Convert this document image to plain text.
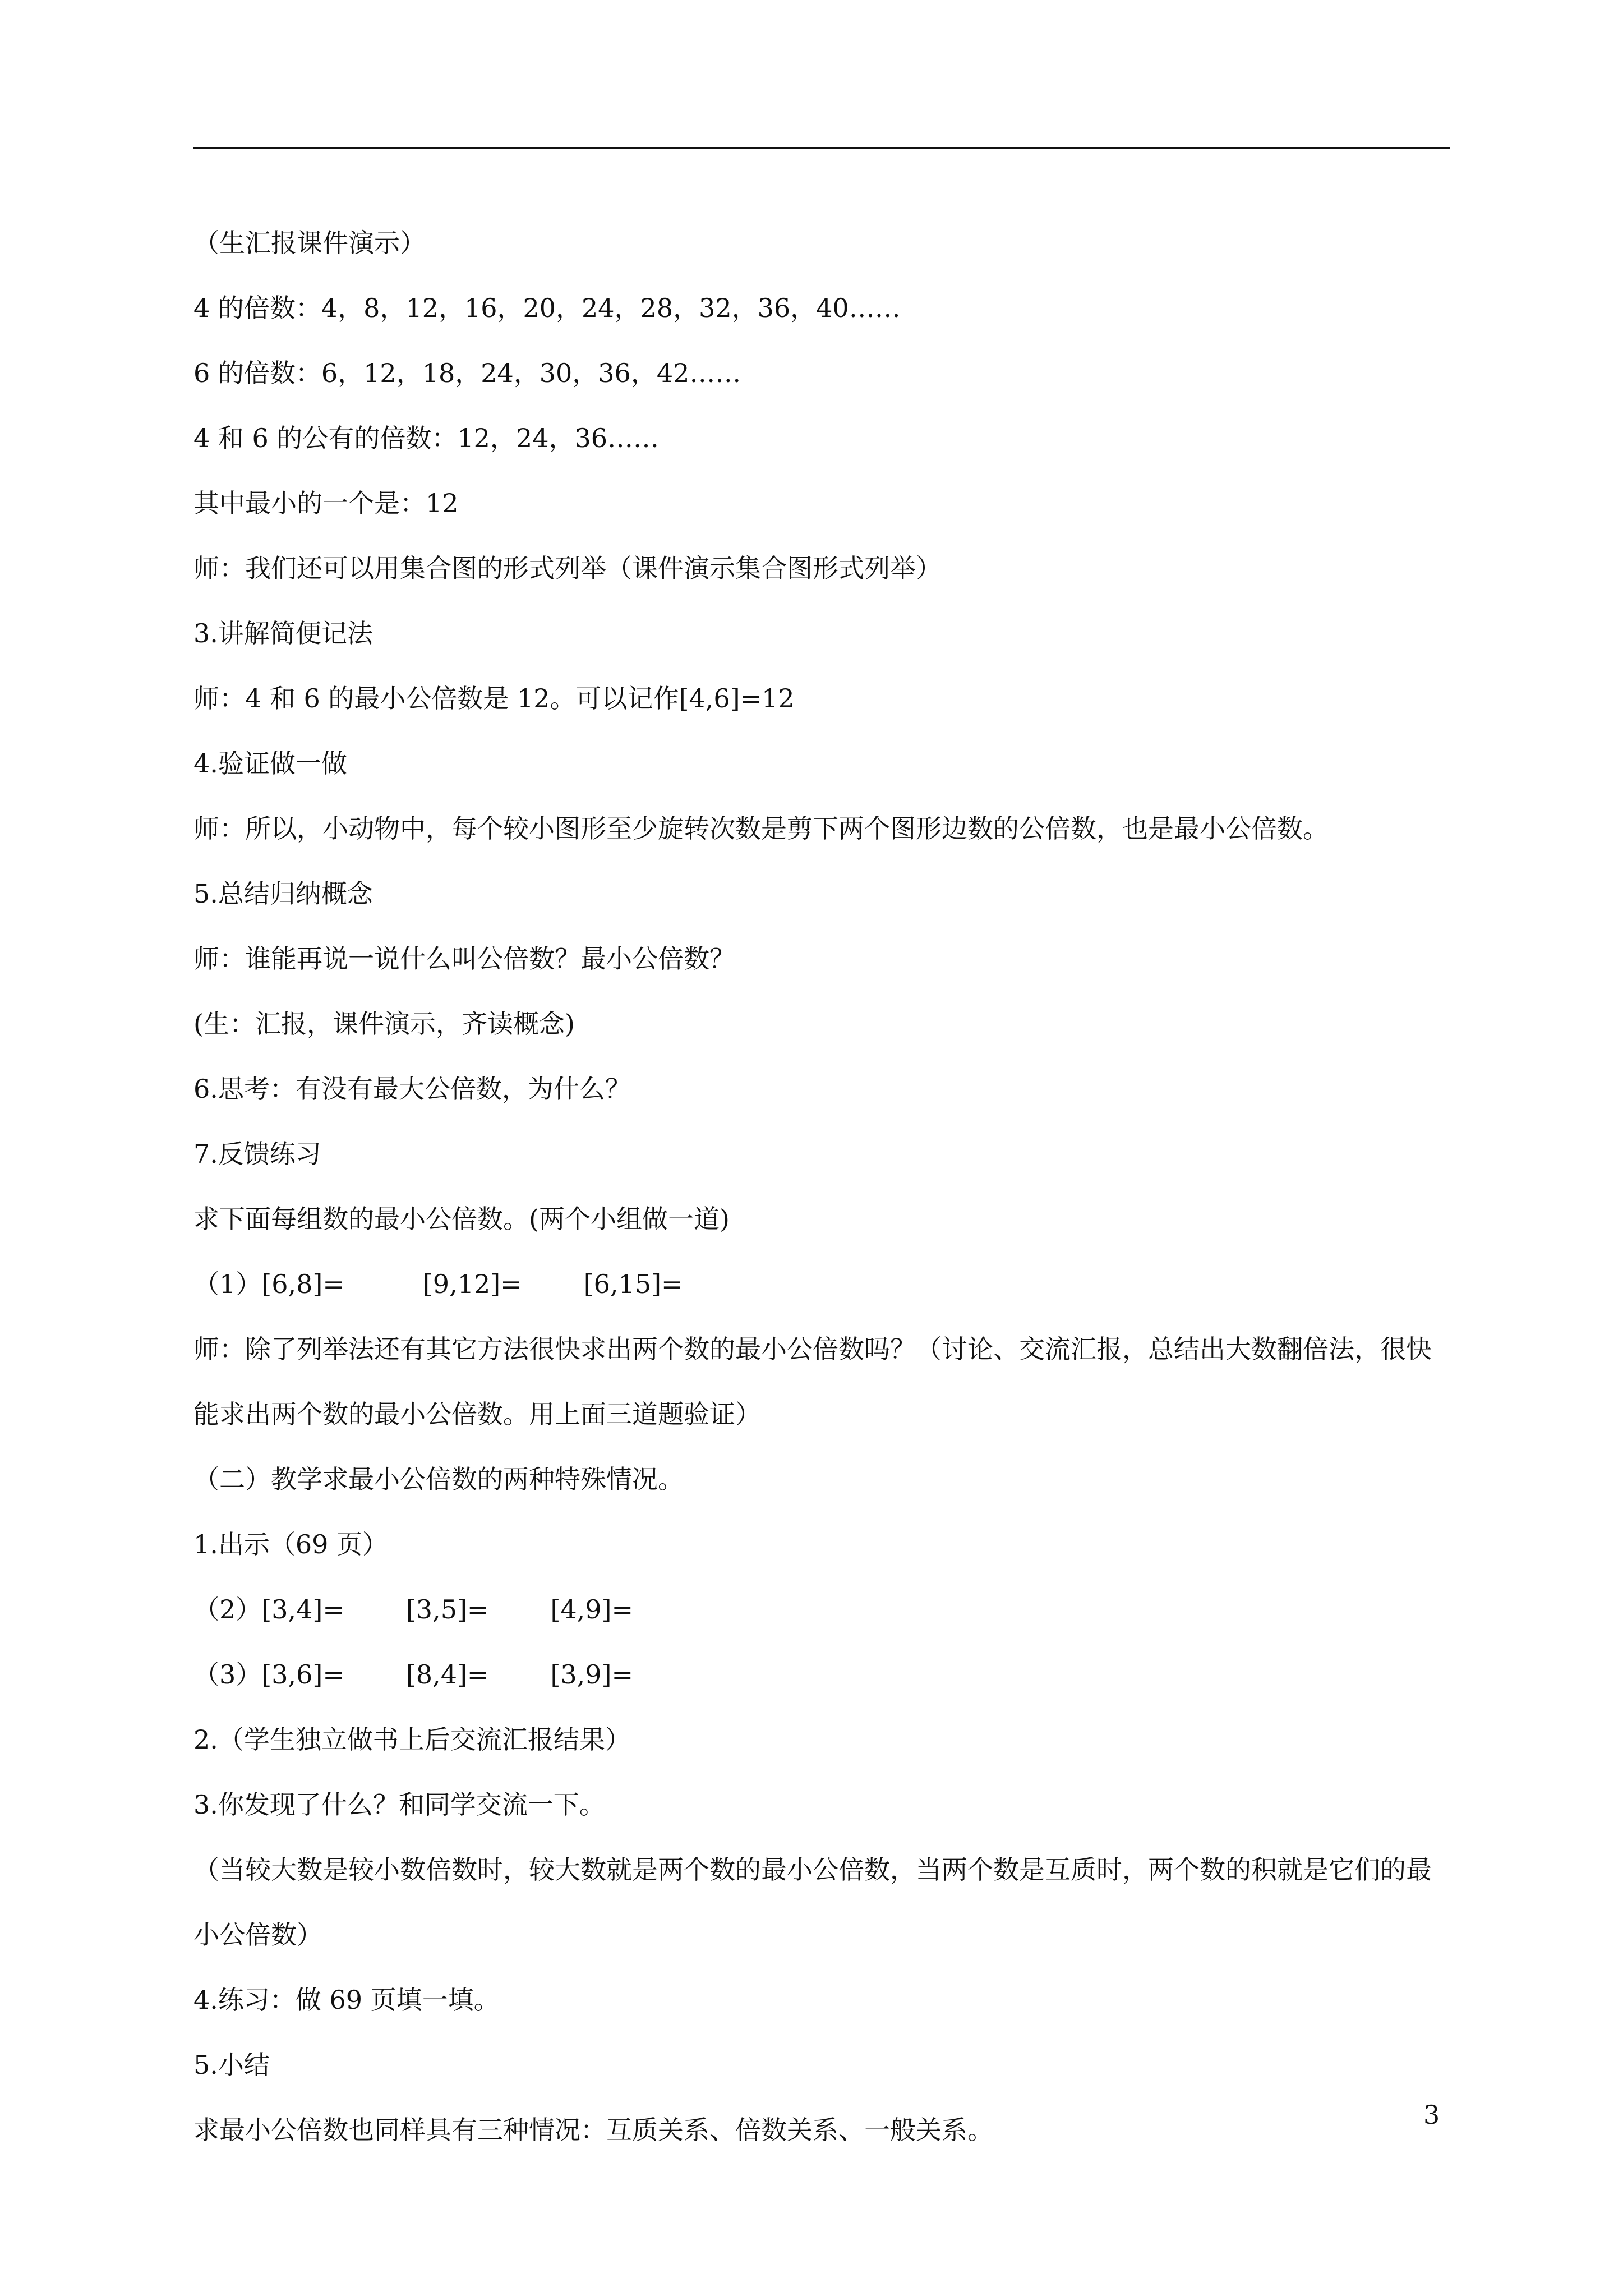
（生汇报课件演示）

4 的倍数：4，8，12，16，20，24，28，32，36，40……

6 的倍数：6，12，18，24，30，36，42……

4 和 6 的公有的倍数：12，24，36……

其中最小的一个是：12

师：我们还可以用集合图的形式列举（课件演示集合图形式列举）

3.讲解简便记法

师：4 和 6 的最小公倍数是 12。可以记作[4,6]=12

4.验证做一做

师：所以，小动物中，每个较小图形至少旋转次数是剪下两个图形边数的公倍数，也是最小公倍数。

5.总结归纳概念

师：谁能再说一说什么叫公倍数？最小公倍数？

(生：汇报，课件演示，齐读概念)

6.思考：有没有最大公倍数，为什么？

7.反馈练习

求下面每组数的最小公倍数。(两个小组做一道)

（1）[6,8]=	[9,12]= [6,15]=

师：除了列举法还有其它方法很快求出两个数的最小公倍数吗？（讨论、交流汇报，总结出大数翻倍法，很快能求出两个数的最小公倍数。用上面三道题验证）

（二）教学求最小公倍数的两种特殊情况。

1.出示（69 页）

（2）[3,4]= [3,5]= [4,9]=

（3）[3,6]= [8,4]= [3,9]=

2.（学生独立做书上后交流汇报结果）

3.你发现了什么？和同学交流一下。

（当较大数是较小数倍数时，较大数就是两个数的最小公倍数，当两个数是互质时，两个数的积就是它们的最小公倍数）

4.练习：做 69 页填一填。

5.小结

求最小公倍数也同样具有三种情况：互质关系、倍数关系、一般关系。	3
